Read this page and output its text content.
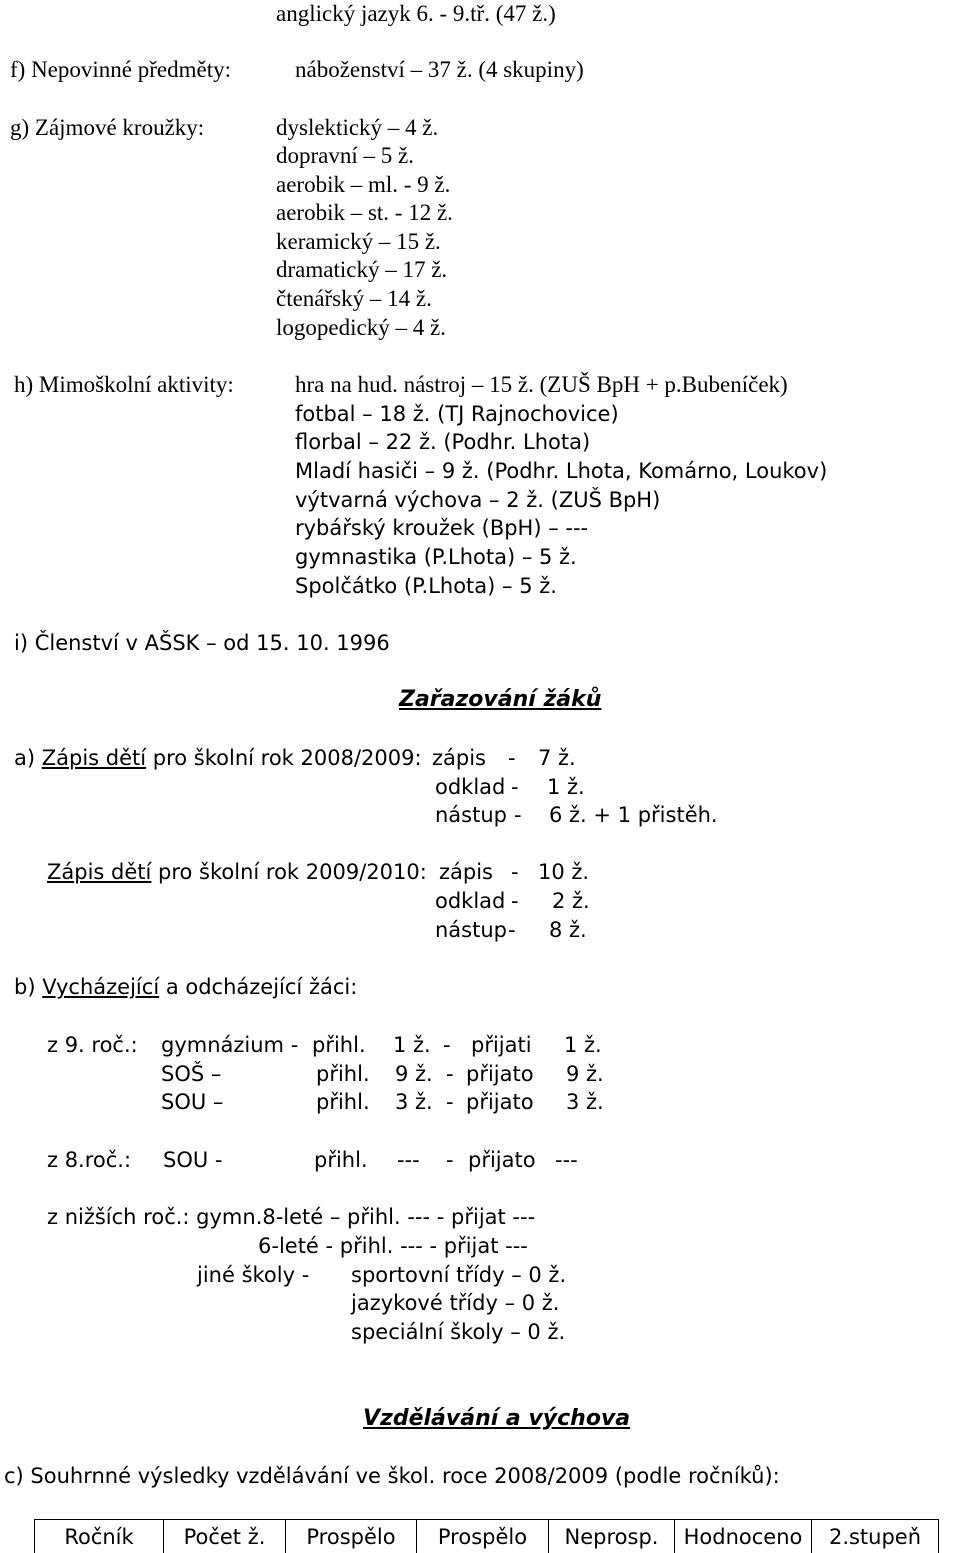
anglický jazyk 6. - 9.tř. (47 ž.)
f) Nepovinné předměty:	náboženství – 37 ž. (4 skupiny)
g) Zájmové kroužky:	dyslektický – 4 ž.
dopravní – 5 ž.
aerobik – ml. - 9 ž.
aerobik – st. - 12 ž.
keramický – 15 ž.
dramatický – 17 ž.
čtenářský – 14 ž.
logopedický – 4 ž.
h) Mimoškolní aktivity:	hra na hud. nástroj – 15 ž. (ZUŠ BpH + p.Bubeníček)
fotbal – 18 ž. (TJ Rajnochovice)
florbal – 22 ž. (Podhr. Lhota)
Mladí hasiči – 9 ž. (Podhr. Lhota, Komárno, Loukov)
výtvarná výchova – 2 ž. (ZUŠ BpH)
rybářský kroužek (BpH) – ---
gymnastika (P.Lhota) – 5 ž.
Spolčátko (P.Lhota) – 5 ž.
i) Členství v AŠSK – od 15. 10. 1996
Zařazování žáků
a) Zápis dětí pro školní rok 2008/2009: zápis - 7 ž.
odklad - 1 ž.
nástup - 6 ž. + 1 přistěh.
Zápis dětí pro školní rok 2009/2010: zápis - 10 ž.
odklad - 2 ž.
nástup - 8 ž.
b) Vycházející a odcházející žáci:
z 9. roč.: gymnázium - přihl. 1 ž. - přijati 1 ž.
SOŠ –	přihl. 9 ž. - přijato 9 ž.
SOU –	přihl. 3 ž. - přijato 3 ž.
z 8.roč.: SOU -	přihl. --- - přijato ---
z nižších roč.: gymn.8-leté – přihl. --- - přijat ---
6-leté - přihl. --- - přijat ---
jiné školy - sportovní třídy – 0 ž.
jazykové třídy – 0 ž.
speciální školy – 0 ž.
Vzdělávání a výchova
c) Souhrnné výsledky vzdělávání ve škol. roce 2008/2009 (podle ročníků):
Ročník	Počet ž.	Prospělo	Prospělo	Neprosp.	Hodnoceno	2.stupeň
